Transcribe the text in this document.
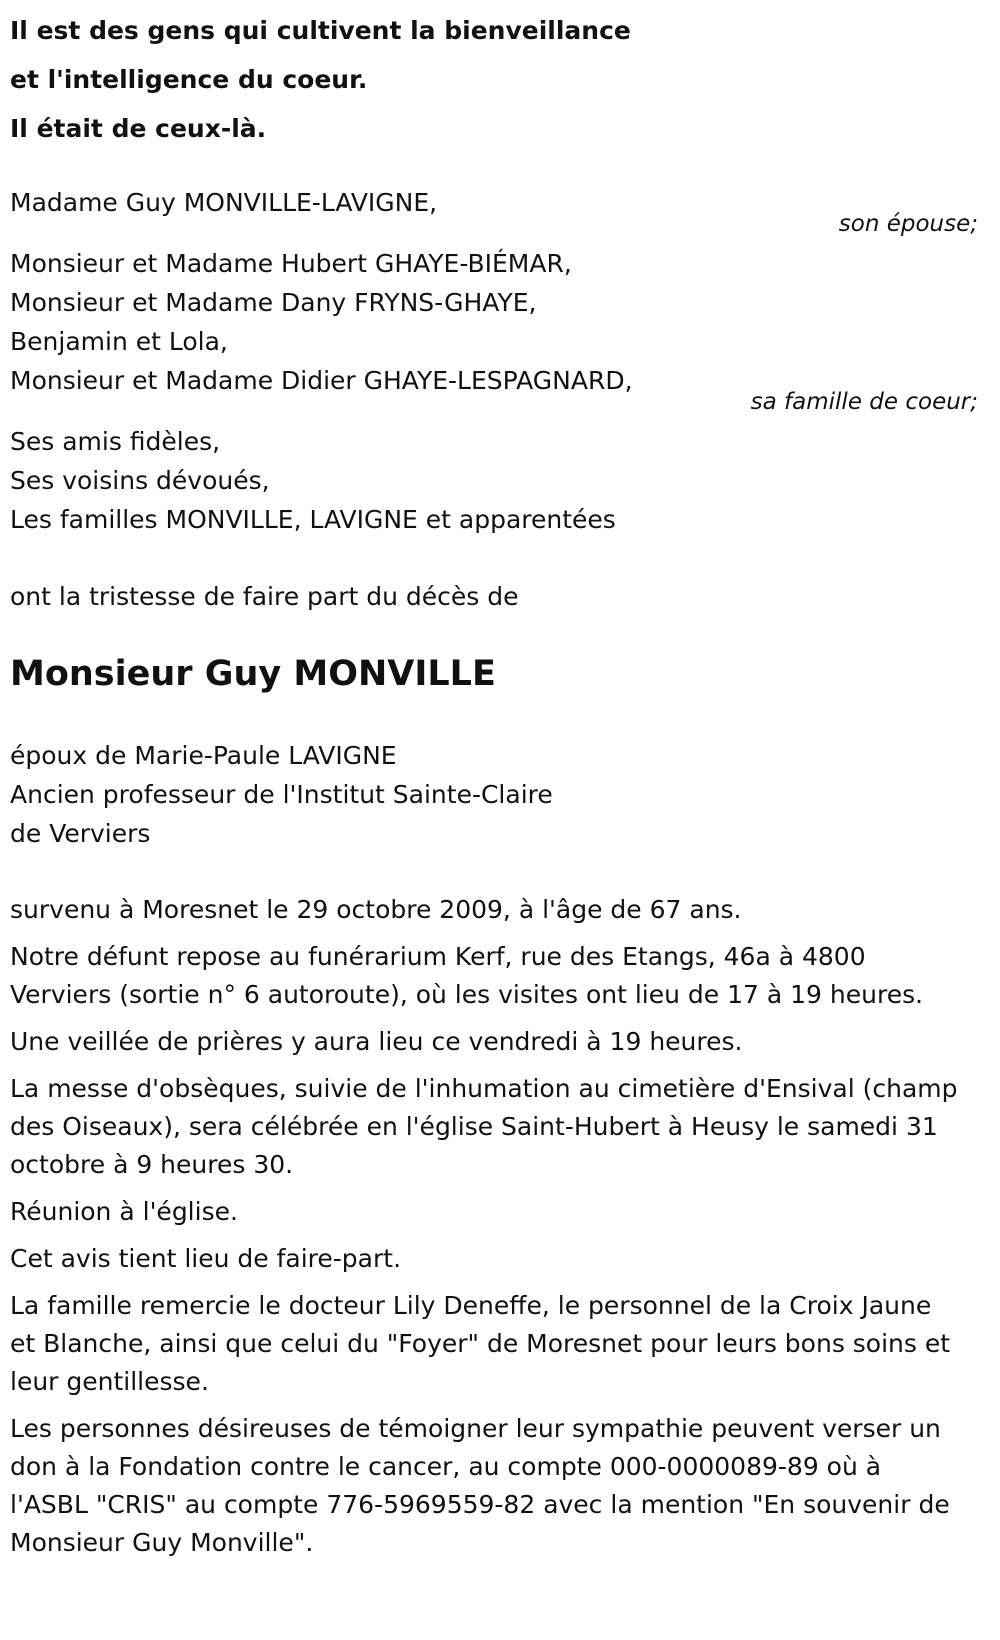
Il est des gens qui cultivent la bienveillance
et l'intelligence du coeur.
Il était de ceux-là.
Madame Guy MONVILLE-LAVIGNE,
son épouse;
Monsieur et Madame Hubert GHAYE-BIÉMAR,
Monsieur et Madame Dany FRYNS-GHAYE,
Benjamin et Lola,
Monsieur et Madame Didier GHAYE-LESPAGNARD,
sa famille de coeur;
Ses amis fidèles,
Ses voisins dévoués,
Les familles MONVILLE, LAVIGNE et apparentées
ont la tristesse de faire part du décès de
Monsieur Guy MONVILLE
époux de Marie-Paule LAVIGNE
Ancien professeur de l'Institut Sainte-Claire
de Verviers

survenu à Moresnet le 29 octobre 2009, à l'âge de 67 ans.

Notre défunt repose au funérarium Kerf, rue des Etangs, 46a à 4800 Verviers (sortie n° 6 autoroute), où les visites ont lieu de 17 à 19 heures.

Une veillée de prières y aura lieu ce vendredi à 19 heures.

La messe d'obsèques, suivie de l'inhumation au cimetière d'Ensival (champ des Oiseaux), sera célébrée en l'église Saint-Hubert à Heusy le samedi 31 octobre à 9 heures 30.

Réunion à l'église.

Cet avis tient lieu de faire-part.

La famille remercie le docteur Lily Deneffe, le personnel de la Croix Jaune et Blanche, ainsi que celui du "Foyer" de Moresnet pour leurs bons soins et leur gentillesse.

Les personnes désireuses de témoigner leur sympathie peuvent verser un don à la Fondation contre le cancer, au compte 000-0000089-89 où à l'ASBL "CRIS" au compte 776-5969559-82 avec la mention "En souvenir de Monsieur Guy Monville".
